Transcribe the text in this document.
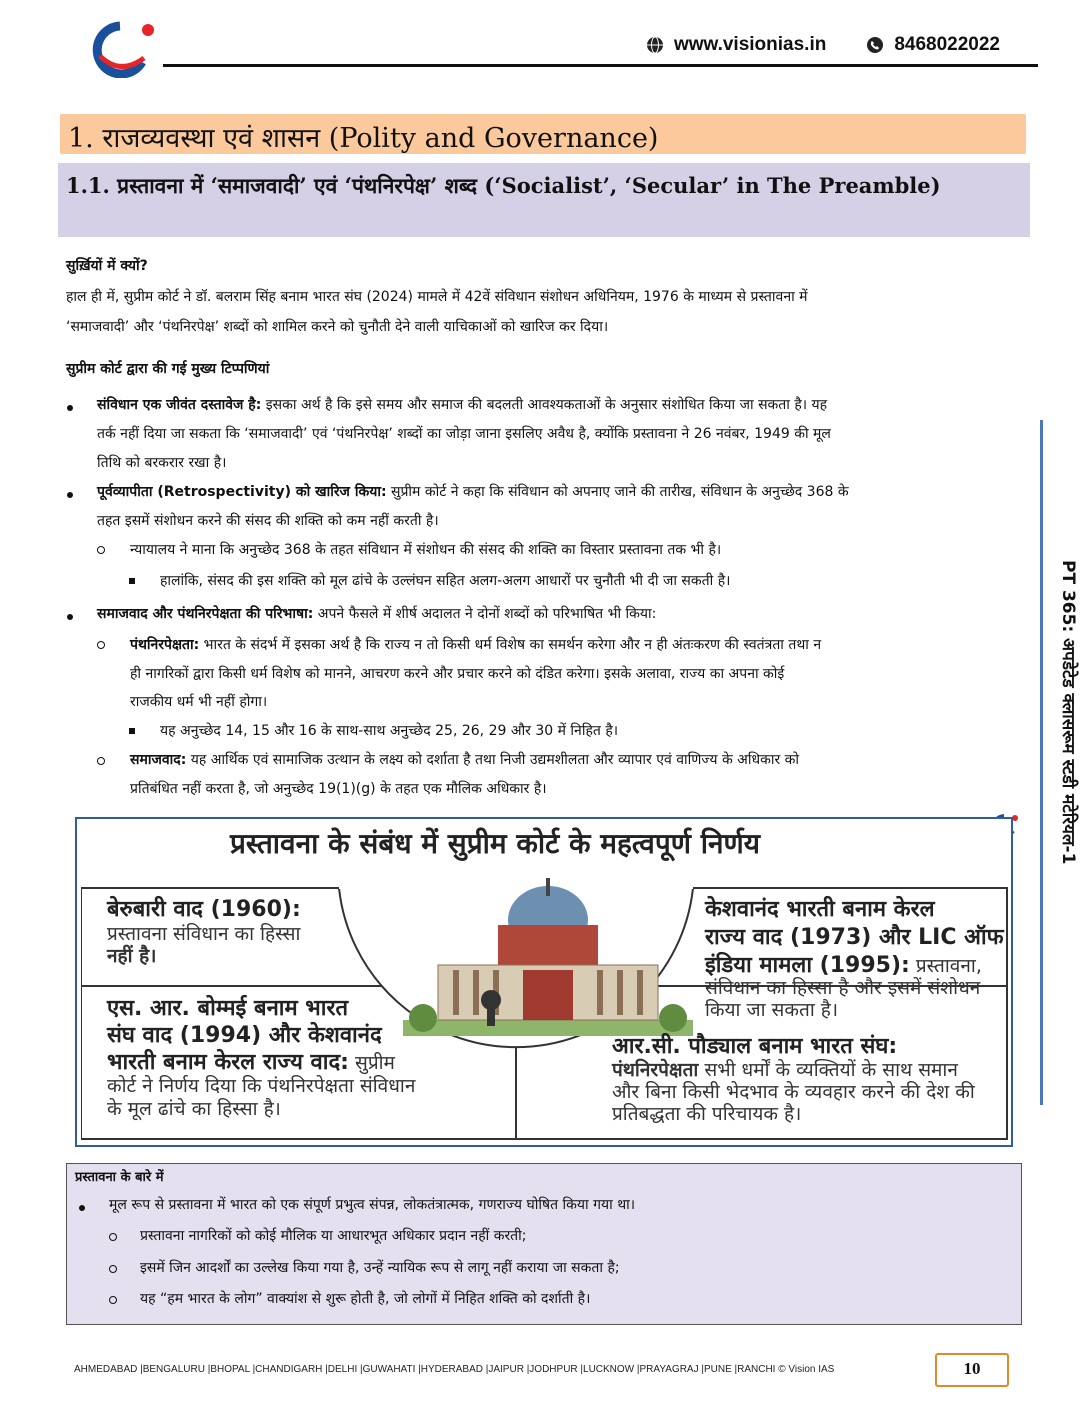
www.visionias.in	8468022022
1. राजव्यवस्था एवं शासन (Polity and Governance)
1.1. प्रस्तावना में ‘समाजवादी’ एवं ‘पंथनिरपेक्ष’ शब्द (‘Socialist’, ‘Secular’ in The Preamble)
सुर्ख़ियों में क्यों?
हाल ही में, सुप्रीम कोर्ट ने डॉ. बलराम सिंह बनाम भारत संघ (2024) मामले में 42वें संविधान संशोधन अधिनियम, 1976 के माध्यम से प्रस्तावना में
‘समाजवादी’ और ‘पंथनिरपेक्ष’ शब्दों को शामिल करने को चुनौती देने वाली याचिकाओं को खारिज कर दिया।
सुप्रीम कोर्ट द्वारा की गई मुख्य टिप्पणियां
संविधान एक जीवंत दस्तावेज है: इसका अर्थ है कि इसे समय और समाज की बदलती आवश्यकताओं के अनुसार संशोधित किया जा सकता है। यह
तर्क नहीं दिया जा सकता कि ‘समाजवादी’ एवं ‘पंथनिरपेक्ष’ शब्दों का जोड़ा जाना इसलिए अवैध है, क्योंकि प्रस्तावना ने 26 नवंबर, 1949 की मूल
तिथि को बरकरार रखा है।
पूर्वव्यापीता (Retrospectivity) को खारिज किया: सुप्रीम कोर्ट ने कहा कि संविधान को अपनाए जाने की तारीख, संविधान के अनुच्छेद 368 के
तहत इसमें संशोधन करने की संसद की शक्ति को कम नहीं करती है।
न्यायालय ने माना कि अनुच्छेद 368 के तहत संविधान में संशोधन की संसद की शक्ति का विस्तार प्रस्तावना तक भी है।
हालांकि, संसद की इस शक्ति को मूल ढांचे के उल्लंघन सहित अलग-अलग आधारों पर चुनौती भी दी जा सकती है।
समाजवाद और पंथनिरपेक्षता की परिभाषा: अपने फैसले में शीर्ष अदालत ने दोनों शब्दों को परिभाषित भी किया:
पंथनिरपेक्षता: भारत के संदर्भ में इसका अर्थ है कि राज्य न तो किसी धर्म विशेष का समर्थन करेगा और न ही अंतःकरण की स्वतंत्रता तथा न
ही नागरिकों द्वारा किसी धर्म विशेष को मानने, आचरण करने और प्रचार करने को दंडित करेगा। इसके अलावा, राज्य का अपना कोई
राजकीय धर्म भी नहीं होगा।
यह अनुच्छेद 14, 15 और 16 के साथ-साथ अनुच्छेद 25, 26, 29 और 30 में निहित है।
समाजवाद: यह आर्थिक एवं सामाजिक उत्थान के लक्ष्य को दर्शाता है तथा निजी उद्यमशीलता और व्यापार एवं वाणिज्य के अधिकार को
प्रतिबंधित नहीं करता है, जो अनुच्छेद 19(1)(g) के तहत एक मौलिक अधिकार है।	PT 365: अपडेटेड क्लासरूम स्टडी मटेरियल-1
प्रस्तावना के संबंध में सुप्रीम कोर्ट के महत्वपूर्ण निर्णय
बेरुबारी वाद (1960):
प्रस्तावना संविधान का हिस्सा
नहीं है।
केशवानंद भारती बनाम केरल
राज्य वाद (1973) और LIC ऑफ
इंडिया मामला (1995): प्रस्तावना,
संविधान का हिस्सा है और इसमें संशोधन
किया जा सकता है।
एस. आर. बोम्मई बनाम भारत
संघ वाद (1994) और केशवानंद
भारती बनाम केरल राज्य वाद: सुप्रीम
कोर्ट ने निर्णय दिया कि पंथनिरपेक्षता संविधान
के मूल ढांचे का हिस्सा है।
आर.सी. पौड्याल बनाम भारत संघ:
पंथनिरपेक्षता सभी धर्मों के व्यक्तियों के साथ समान
और बिना किसी भेदभाव के व्यवहार करने की देश की
प्रतिबद्धता की परिचायक है।
प्रस्तावना के बारे में
मूल रूप से प्रस्तावना में भारत को एक संपूर्ण प्रभुत्व संपन्न, लोकतंत्रात्मक, गणराज्य घोषित किया गया था।
प्रस्तावना नागरिकों को कोई मौलिक या आधारभूत अधिकार प्रदान नहीं करती;
इसमें जिन आदर्शों का उल्लेख किया गया है, उन्हें न्यायिक रूप से लागू नहीं कराया जा सकता है;
यह “हम भारत के लोग” वाक्यांश से शुरू होती है, जो लोगों में निहित शक्ति को दर्शाती है।
AHMEDABAD |BENGALURU |BHOPAL |CHANDIGARH |DELHI |GUWAHATI |HYDERABAD |JAIPUR |JODHPUR |LUCKNOW |PRAYAGRAJ |PUNE |RANCHI © Vision IAS	10
